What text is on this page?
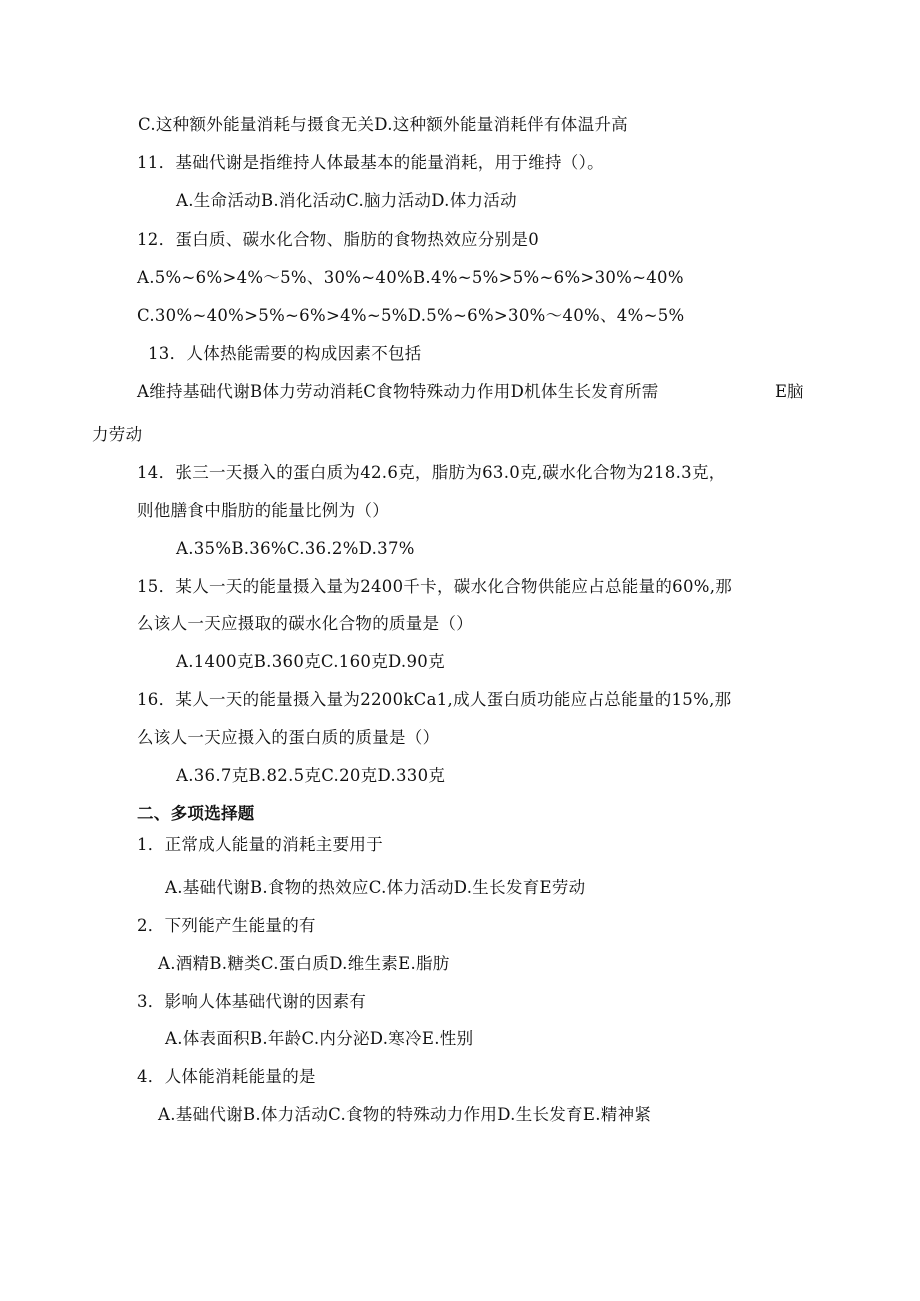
C.这种额外能量消耗与摄食无关D.这种额外能量消耗伴有体温升高
11．基础代谢是指维持人体最基本的能量消耗，用于维持（）。
A.生命活动B.消化活动C.脑力活动D.体力活动
12．蛋白质、碳水化合物、脂肪的食物热效应分别是0
A.5%~6%>4%～5%、30%~40%B.4%~5%>5%~6%>30%~40%
C.30%~40%>5%~6%>4%~5%D.5%~6%>30%～40%、4%~5%
13．人体热能需要的构成因素不包括
A维持基础代谢B体力劳动消耗C食物特殊动力作用D机体生长发育所需	E脑
力劳动
14．张三一天摄入的蛋白质为42.6克，脂肪为63.0克,碳水化合物为218.3克，
则他膳食中脂肪的能量比例为（）
A.35%B.36%C.36.2%D.37%
15．某人一天的能量摄入量为2400千卡，碳水化合物供能应占总能量的60%,那
么该人一天应摄取的碳水化合物的质量是（）
A.1400克B.360克C.160克D.90克
16．某人一天的能量摄入量为2200kCa1,成人蛋白质功能应占总能量的15%,那
么该人一天应摄入的蛋白质的质量是（）
A.36.7克B.82.5克C.20克D.330克
二、多项选择题
1．正常成人能量的消耗主要用于
A.基础代谢B.食物的热效应C.体力活动D.生长发育E劳动
2．下列能产生能量的有
A.酒精B.糖类C.蛋白质D.维生素E.脂肪
3．影响人体基础代谢的因素有
A.体表面积B.年龄C.内分泌D.寒冷E.性别
4．人体能消耗能量的是
A.基础代谢B.体力活动C.食物的特殊动力作用D.生长发育E.精神紧
